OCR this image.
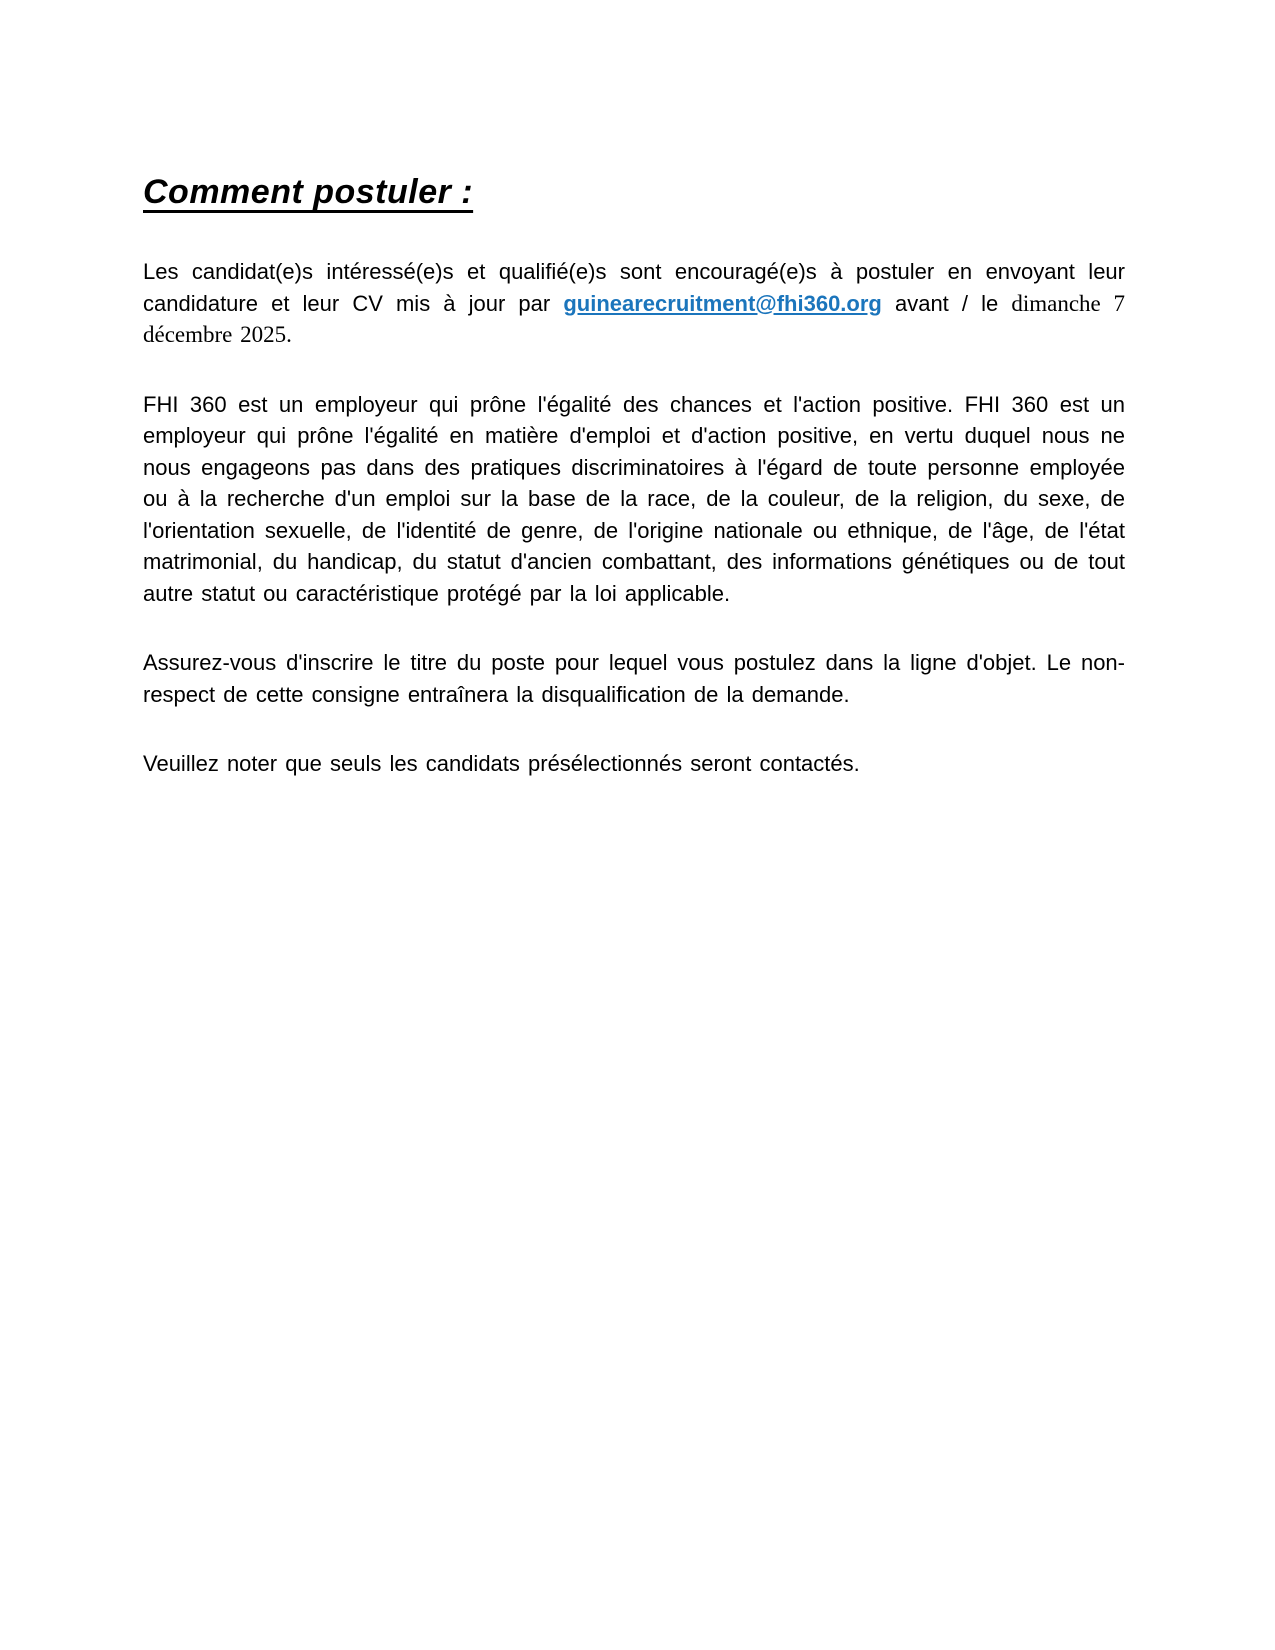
Comment postuler :

Les candidat(e)s intéressé(e)s et qualifié(e)s sont encouragé(e)s à postuler en envoyant leur candidature et leur CV mis à jour par guinearecruitment@fhi360.org avant / le dimanche 7 décembre 2025.

FHI 360 est un employeur qui prône l'égalité des chances et l'action positive. FHI 360 est un employeur qui prône l'égalité en matière d'emploi et d'action positive, en vertu duquel nous ne nous engageons pas dans des pratiques discriminatoires à l'égard de toute personne employée ou à la recherche d'un emploi sur la base de la race, de la couleur, de la religion, du sexe, de l'orientation sexuelle, de l'identité de genre, de l'origine nationale ou ethnique, de l'âge, de l'état matrimonial, du handicap, du statut d'ancien combattant, des informations génétiques ou de tout autre statut ou caractéristique protégé par la loi applicable.

Assurez-vous d'inscrire le titre du poste pour lequel vous postulez dans la ligne d'objet. Le non-respect de cette consigne entraînera la disqualification de la demande.

Veuillez noter que seuls les candidats présélectionnés seront contactés.
